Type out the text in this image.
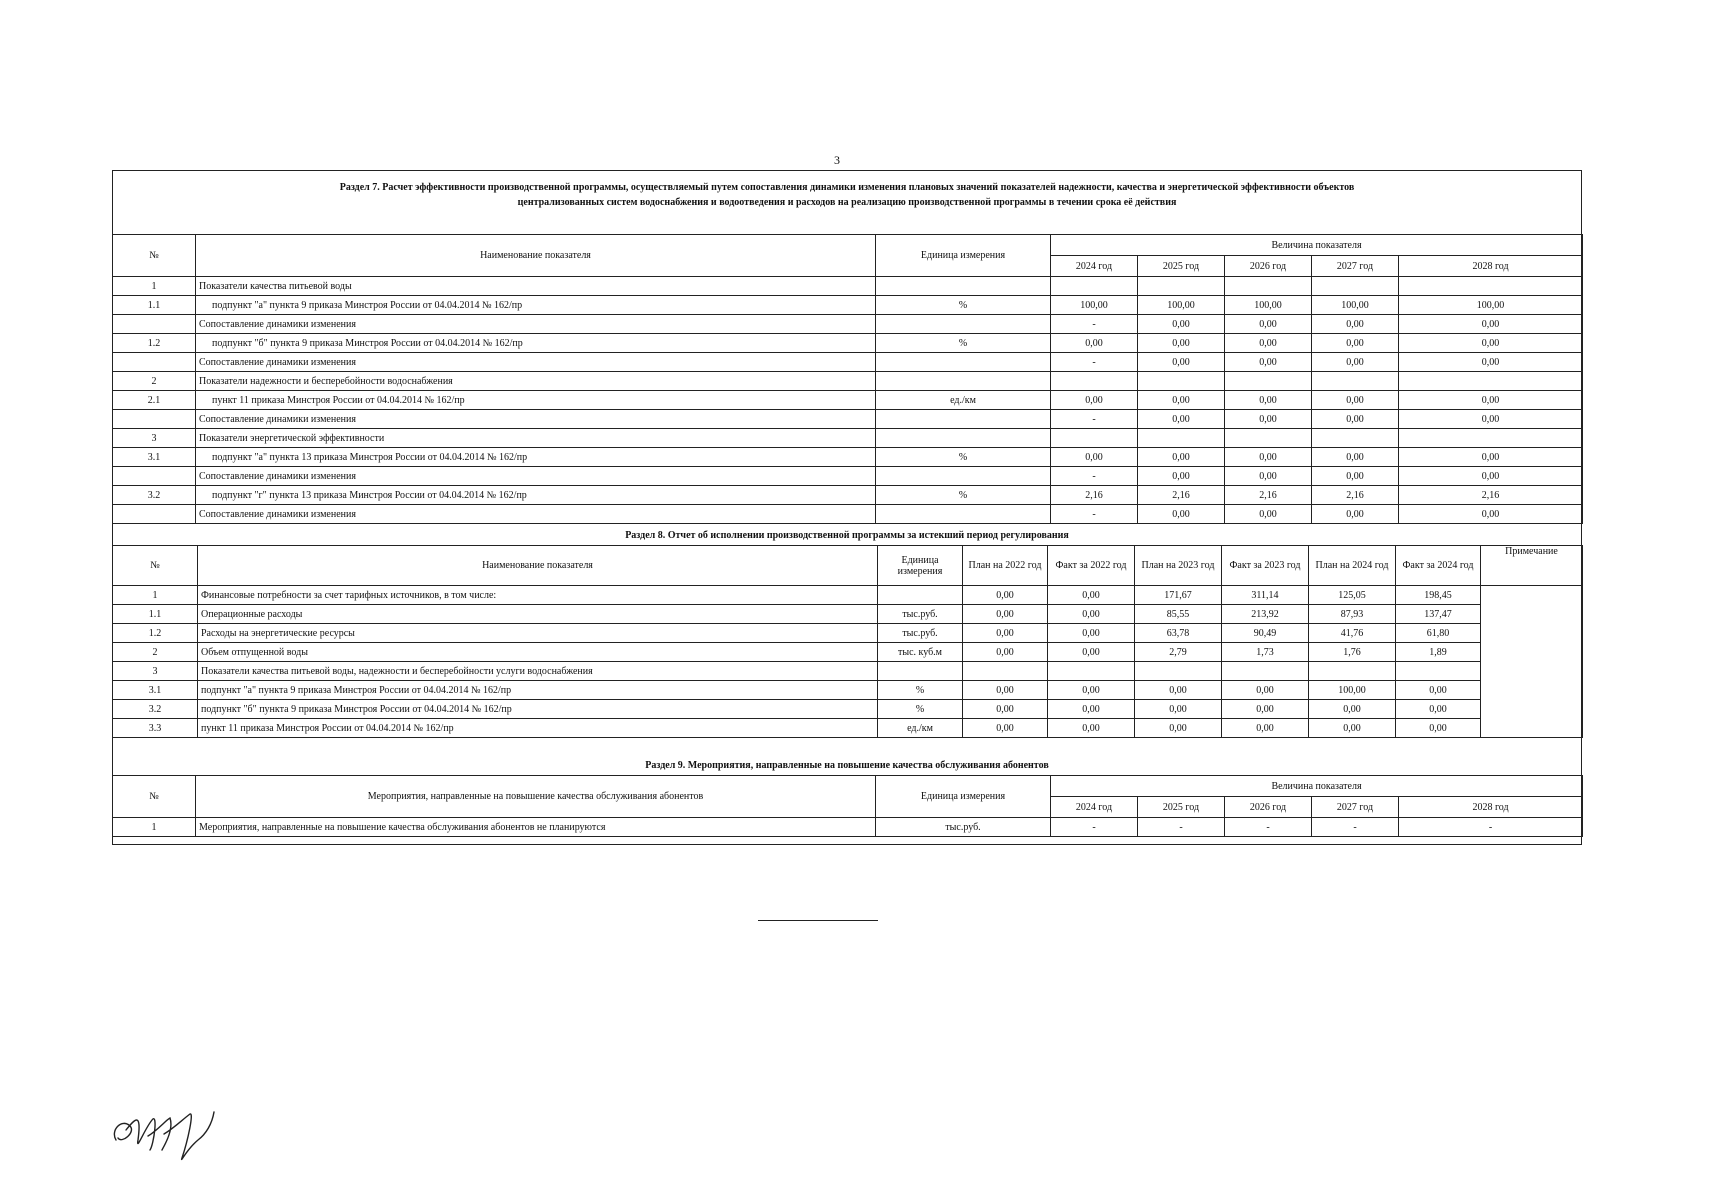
3
Раздел 7. Расчет эффективности производственной программы, осуществляемый путем сопоставления динамики изменения плановых значений показателей надежности, качества и энергетической эффективности объектов
централизованных систем водоснабжения и водоотведения и расходов на реализацию производственной программы в течении срока её действия
№	Наименование показателя	Единица измерения	Величина показателя				
			2024 год	2025 год	2026 год	2027 год	2028 год
1	Показатели качества питьевой воды						
1.1	подпункт "а" пункта 9 приказа Минстроя России от 04.04.2014 № 162/пр	%	100,00	100,00	100,00	100,00	100,00
	Сопоставление динамики изменения		-	0,00	0,00	0,00	0,00
1.2	подпункт "б" пункта 9 приказа Минстроя России от 04.04.2014 № 162/пр	%	0,00	0,00	0,00	0,00	0,00
	Сопоставление динамики изменения		-	0,00	0,00	0,00	0,00
2	Показатели надежности и бесперебойности водоснабжения						
2.1	пункт 11 приказа Минстроя России от 04.04.2014 № 162/пр	ед./км	0,00	0,00	0,00	0,00	0,00
	Сопоставление динамики изменения		-	0,00	0,00	0,00	0,00
3	Показатели энергетической эффективности						
3.1	подпункт "а" пункта 13 приказа Минстроя России от 04.04.2014 № 162/пр	%	0,00	0,00	0,00	0,00	0,00
	Сопоставление динамики изменения		-	0,00	0,00	0,00	0,00
3.2	подпункт "г" пункта 13 приказа Минстроя России от 04.04.2014 № 162/пр	%	2,16	2,16	2,16	2,16	2,16
	Сопоставление динамики изменения		-	0,00	0,00	0,00	0,00
Раздел 8. Отчет об исполнении производственной программы за истекший период регулирования
№	Наименование показателя	Единица измерения	План на 2022 год	Факт за 2022 год	План на 2023 год	Факт за 2023 год	План на 2024 год	Факт за 2024 год	Примечание
1	Финансовые потребности за счет тарифных источников, в том числе:		0,00	0,00	171,67	311,14	125,05	198,45	
1.1	Операционные расходы	тыс.руб.	0,00	0,00	85,55	213,92	87,93	137,47	
1.2	Расходы на энергетические ресурсы	тыс.руб.	0,00	0,00	63,78	90,49	41,76	61,80	
2	Объем отпущенной воды	тыс. куб.м	0,00	0,00	2,79	1,73	1,76	1,89	
3	Показатели качества питьевой воды, надежности и бесперебойности услуги водоснабжения								
3.1	подпункт "а" пункта 9 приказа Минстроя России от 04.04.2014 № 162/пр	%	0,00	0,00	0,00	0,00	100,00	0,00	
3.2	подпункт "б" пункта 9 приказа Минстроя России от 04.04.2014 № 162/пр	%	0,00	0,00	0,00	0,00	0,00	0,00	
3.3	пункт 11 приказа Минстроя России от 04.04.2014 № 162/пр	ед./км	0,00	0,00	0,00	0,00	0,00	0,00	
Раздел 9. Мероприятия, направленные на повышение качества обслуживания абонентов
№	Мероприятия, направленные на повышение качества обслуживания абонентов	Единица измерения	Величина показателя				
			2024 год	2025 год	2026 год	2027 год	2028 год
1	Мероприятия, направленные на повышение качества обслуживания абонентов не планируются	тыс.руб.	-	-	-	-	-
